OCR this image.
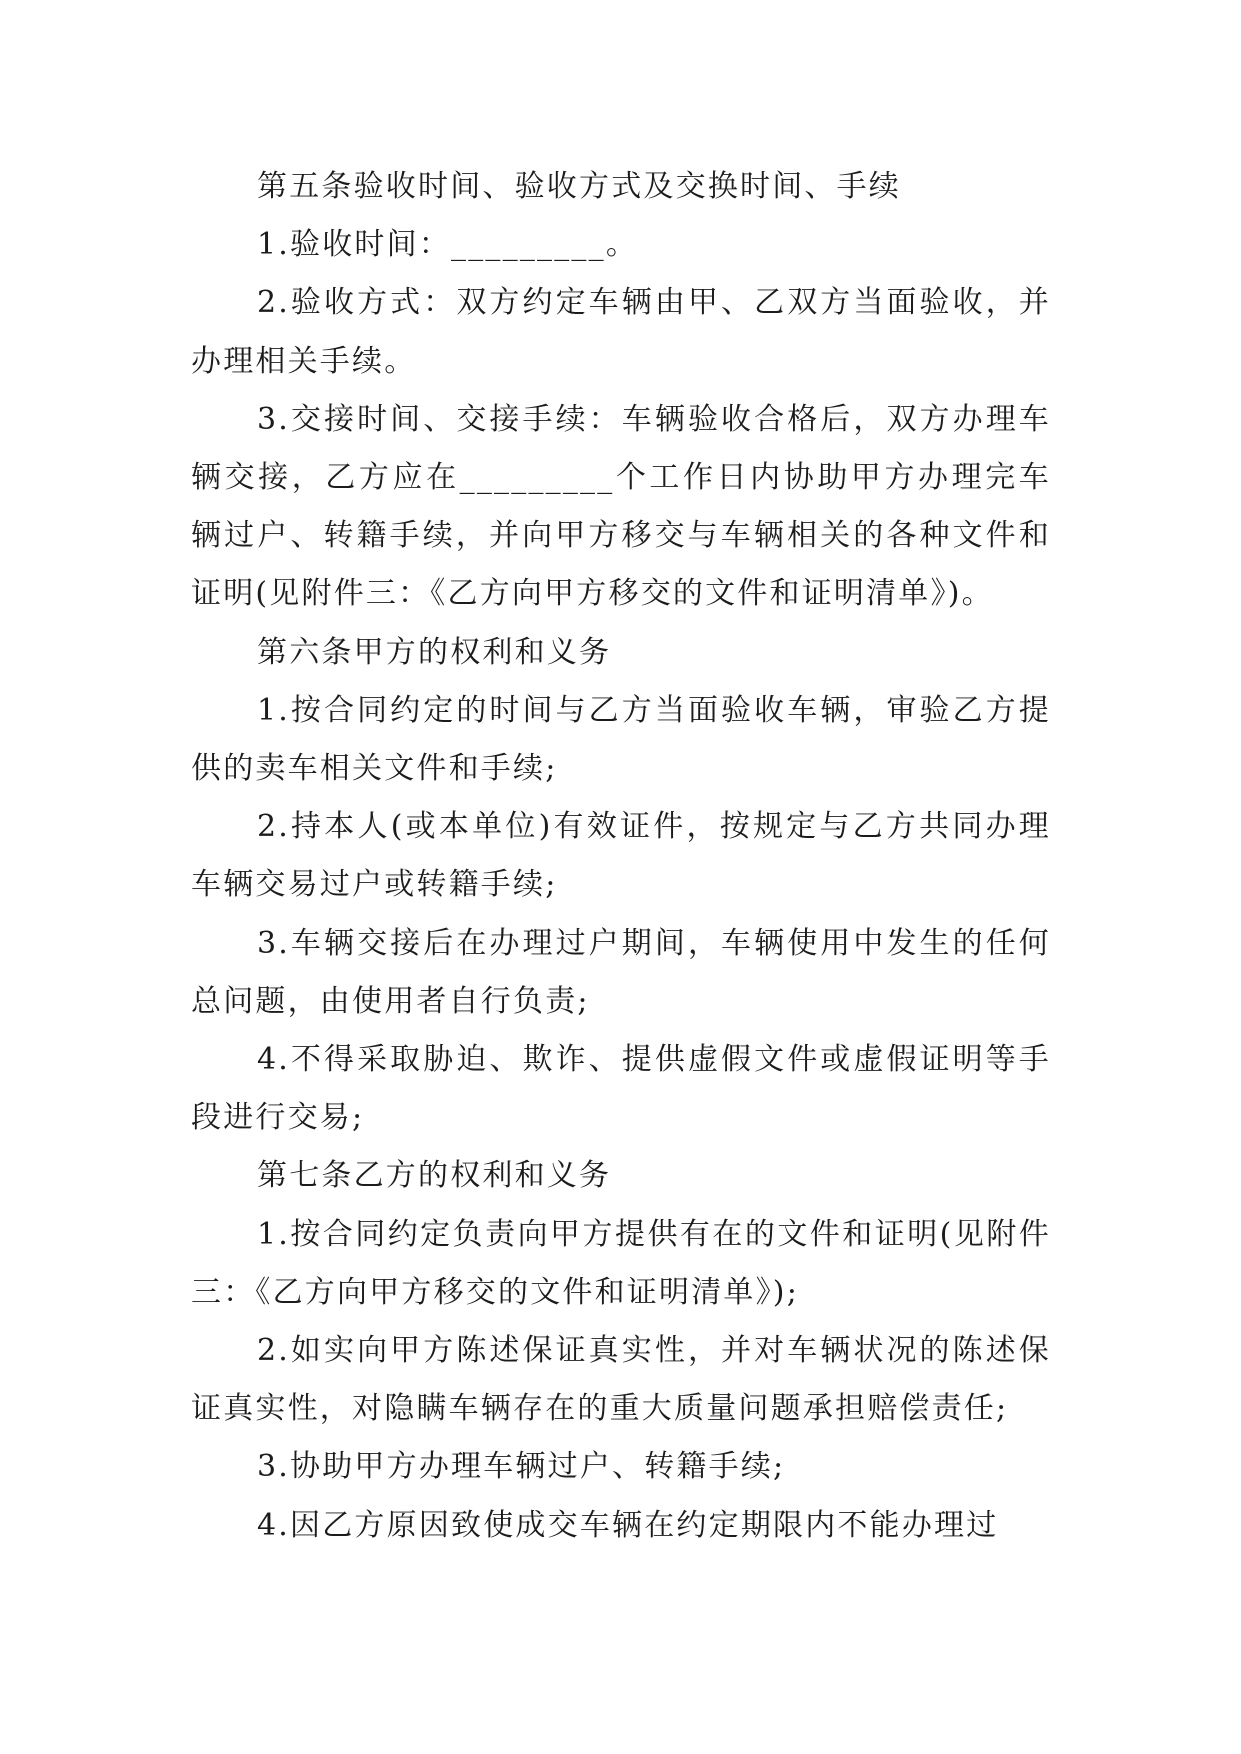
第五条验收时间、验收方式及交换时间、手续

1.验收时间：_________。

2.验收方式：双方约定车辆由甲、乙双方当面验收，并办理相关手续。

3.交接时间、交接手续：车辆验收合格后，双方办理车辆交接，乙方应在_________个工作日内协助甲方办理完车辆过户、转籍手续，并向甲方移交与车辆相关的各种文件和证明(见附件三：《乙方向甲方移交的文件和证明清单》)。

第六条甲方的权利和义务

1.按合同约定的时间与乙方当面验收车辆，审验乙方提供的卖车相关文件和手续;

2.持本人(或本单位)有效证件，按规定与乙方共同办理车辆交易过户或转籍手续;

3.车辆交接后在办理过户期间，车辆使用中发生的任何总问题，由使用者自行负责;

4.不得采取胁迫、欺诈、提供虚假文件或虚假证明等手段进行交易;

第七条乙方的权利和义务

1.按合同约定负责向甲方提供有在的文件和证明(见附件三：《乙方向甲方移交的文件和证明清单》);

2.如实向甲方陈述保证真实性，并对车辆状况的陈述保证真实性，对隐瞒车辆存在的重大质量问题承担赔偿责任;

3.协助甲方办理车辆过户、转籍手续;

4.因乙方原因致使成交车辆在约定期限内不能办理过
